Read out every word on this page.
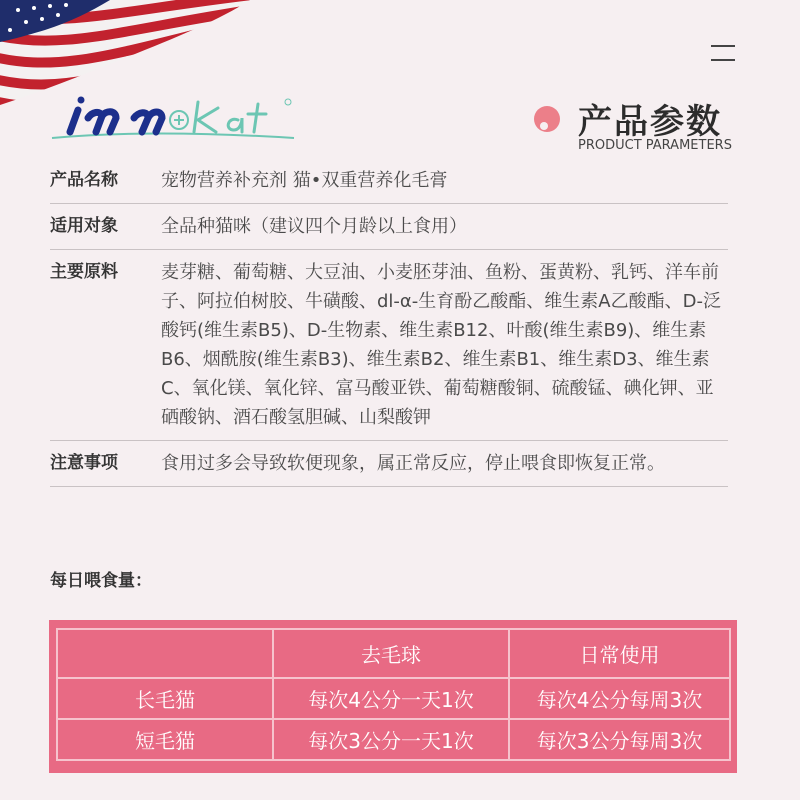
产品参数
PRODUCT PARAMETERS
产品名称	宠物营养补充剂 猫•双重营养化毛膏
适用对象	全品种猫咪（建议四个月龄以上食用）
主要原料	麦芽糖、葡萄糖、大豆油、小麦胚芽油、鱼粉、蛋黄粉、乳钙、洋车前子、阿拉伯树胶、牛磺酸、dl-α-生育酚乙酸酯、维生素A乙酸酯、D-泛酸钙(维生素B5)、D-生物素、维生素B12、叶酸(维生素B9)、维生素B6、烟酰胺(维生素B3)、维生素B2、维生素B1、维生素D3、维生素C、氧化镁、氧化锌、富马酸亚铁、葡萄糖酸铜、硫酸锰、碘化钾、亚硒酸钠、酒石酸氢胆碱、山梨酸钾
注意事项	食用过多会导致软便现象，属正常反应，停止喂食即恢复正常。
每日喂食量：
	去毛球	日常使用
长毛猫	每次4公分一天1次	每次4公分每周3次
短毛猫	每次3公分一天1次	每次3公分每周3次
